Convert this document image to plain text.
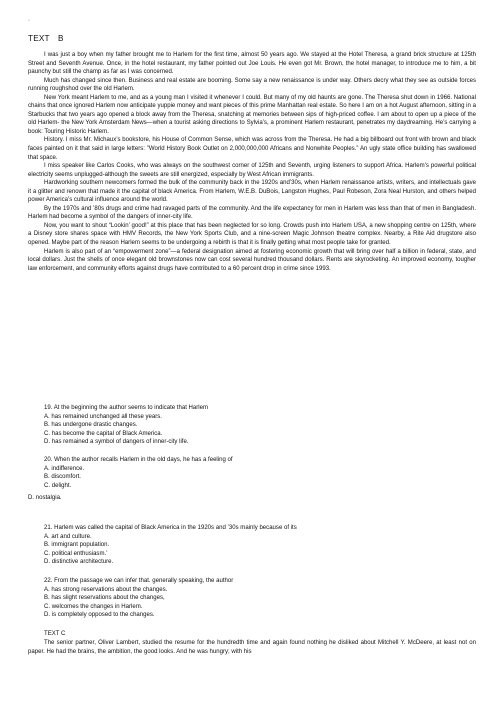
▫
TEXT　B

I was just a boy when my father brought me to Harlem for the first time, almost 50 years ago. We stayed at the Hotel Theresa, a grand brick structure at 125th Street and Seventh Avenue. Once, in the hotel restaurant, my father pointed out Joe Louis. He even got Mr. Brown, the hotel manager, to introduce me to him, a bit paunchy but still the champ as far as I was concerned.

Much has changed since then. Business and real estate are booming. Some say a new renaissance is under way. Others decry what they see as outside forces running roughshod over the old Harlem.

New York meant Harlem to me, and as a young man I visited it whenever I could. But many of my old haunts are gone. The Theresa shut down in 1966. National chains that once ignored Harlem now anticipate yuppie money and want pieces of this prime Manhattan real estate. So here I am on a hot August afternoon, sitting in a Starbucks that two years ago opened a block away from the Theresa, snatching at memories between sips of high-priced coffee. I am about to open up a piece of the old Harlem- the New York Amsterdam News—when a tourist asking directions to Sylvia’s, a prominent Harlem restaurant, penetrates my daydreaming. He’s carrying a book: Touring Historic Harlem.

History. I miss Mr. Michaux’s bookstore, his House of Common Sense, which was across from the Theresa. He had a big billboard out front with brown and black faces painted on it that said in large letters: ”World History Book Outlet on 2,000,000,000 Africans and Nonwhite Peoples.” An ugly state office building has swallowed that space.

I miss speaker like Carlos Cooks, who was always on the southwest corner of 125th and Seventh, urging listeners to support Africa. Harlem’s powerful political electricity seems unplugged-although the sweets are still energized, especially by West African immigrants.

Hardworking southern newcomers formed the bulk of the community back in the 1920s and’30s, when Harlem renaissance artists, writers, and intellectuals gave it a glitter and renown that made it the capital of black America. From Harlem, W.E.B. DuBois, Langston Hughes, Paul Robeson, Zora Neal Hurston, and others helped power America’s cultural influence around the world.

By the 1970s and ’80s drugs and crime had ravaged parts of the community. And the life expectancy for men in Harlem was less than that of men in Bangladesh. Harlem had become a symbol of the dangers of inner-city life.

Now, you want to shout “Lookin’ good!” at this place that has been neglected for so long. Crowds push into Harlem USA, a new shopping centre on 125th, where a Disney store shares space with HMV Records, the New York Sports Club, and a nine-screen Magic Johnson theatre complex. Nearby, a Rite Aid drugstore also opened. Maybe part of the reason Harlem seems to be undergoing a rebirth is that it is finally getting what most people take for granted.

Harlem is also part of an “empowerment zone”—a federal designation aimed at fostering economic growth that will bring over half a billion in federal, state, and local dollars. Just the shells of once elegant old brownstones now can cost several hundred thousand dollars. Rents are skyrocketing. An improved economy, tougher law enforcement, and community efforts against drugs have contributed to a 60 percent drop in crime since 1993.

19. At the beginning the author seems to indicate that Harlem
A. has remained unchanged all these years.
B. has undergone drastic changes.
C. has become the capital of Black America.
D. has remained a symbol of dangers of inner-city life.
20. When the author recalls Harlem in the old days, he has a feeling of
A. indifference.
B. discomfort.
C. delight.
D. nostalgia.
21. Harlem was called the capital of Black America in the 1920s and ’30s mainly because of its
A. art and culture.
B. immigrant population.
C. political enthusiasm.’
D. distinctive architecture.
22. From the passage we can infer that. generally speaking, the author
A. has strong reservations about the changes.
B. has slight reservations about the changes,
C. welcomes the changes in Harlem.
D. is completely opposed to the changes.
TEXT C

The senior partner, Oliver Lambert, studied the resume for the hundredth time and again found nothing he disliked about Mitchell Y. McDeere, at least not on paper. He had the brains, the ambition, the good looks. And he was hungry; with his
